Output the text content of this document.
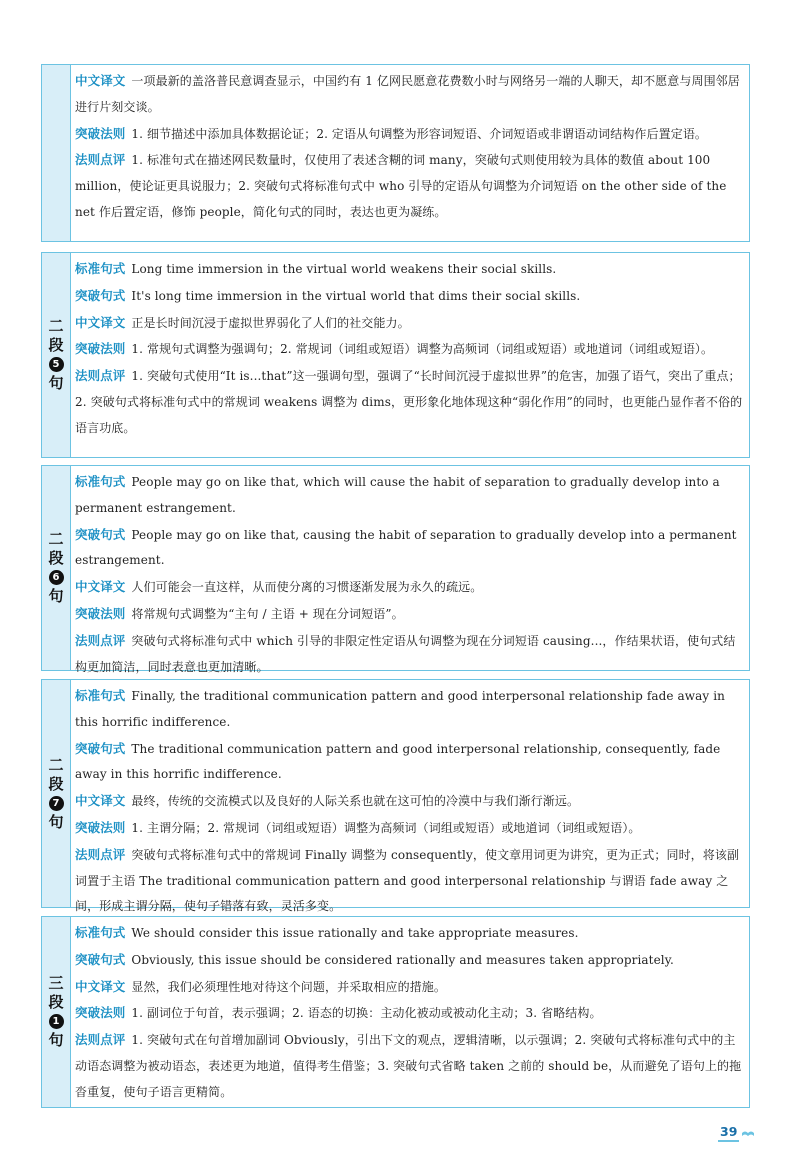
中文译文 一项最新的盖洛普民意调查显示，中国约有 1 亿网民愿意花费数小时与网络另一端的人聊天，却不愿意与周围邻居进行片刻交谈。

突破法则 1. 细节描述中添加具体数据论证；2. 定语从句调整为形容词短语、介词短语或非谓语动词结构作后置定语。

法则点评 1. 标准句式在描述网民数量时，仅使用了表述含糊的词 many，突破句式则使用较为具体的数值 about 100 million，使论证更具说服力；2. 突破句式将标准句式中 who 引导的定语从句调整为介词短语 on the other side of the net 作后置定语，修饰 people，简化句式的同时，表达也更为凝练。

二
段
5
句

标准句式 Long time immersion in the virtual world weakens their social skills.

突破句式 It's long time immersion in the virtual world that dims their social skills.

中文译文 正是长时间沉浸于虚拟世界弱化了人们的社交能力。

突破法则 1. 常规句式调整为强调句；2. 常规词（词组或短语）调整为高频词（词组或短语）或地道词（词组或短语）。

法则点评 1. 突破句式使用“It is...that”这一强调句型，强调了“长时间沉浸于虚拟世界”的危害，加强了语气，突出了重点；2. 突破句式将标准句式中的常规词 weakens 调整为 dims，更形象化地体现这种“弱化作用”的同时，也更能凸显作者不俗的语言功底。

二
段
6
句

标准句式 People may go on like that, which will cause the habit of separation to gradually develop into a permanent estrangement.

突破句式 People may go on like that, causing the habit of separation to gradually develop into a permanent estrangement.

中文译文 人们可能会一直这样，从而使分离的习惯逐渐发展为永久的疏远。

突破法则 将常规句式调整为“主句 / 主语 + 现在分词短语”。

法则点评 突破句式将标准句式中 which 引导的非限定性定语从句调整为现在分词短语 causing...，作结果状语，使句式结构更加简洁，同时表意也更加清晰。

二
段
7
句

标准句式 Finally, the traditional communication pattern and good interpersonal relationship fade away in this horrific indifference.

突破句式 The traditional communication pattern and good interpersonal relationship, consequently, fade away in this horrific indifference.

中文译文 最终，传统的交流模式以及良好的人际关系也就在这可怕的冷漠中与我们渐行渐远。

突破法则 1. 主谓分隔；2. 常规词（词组或短语）调整为高频词（词组或短语）或地道词（词组或短语）。

法则点评 突破句式将标准句式中的常规词 Finally 调整为 consequently，使文章用词更为讲究，更为正式；同时，将该副词置于主语 The traditional communication pattern and good interpersonal relationship 与谓语 fade away 之间，形成主谓分隔，使句子错落有致，灵活多变。

三
段
1
句

标准句式 We should consider this issue rationally and take appropriate measures.

突破句式 Obviously, this issue should be considered rationally and measures taken appropriately.

中文译文 显然，我们必须理性地对待这个问题，并采取相应的措施。

突破法则 1. 副词位于句首，表示强调；2. 语态的切换：主动化被动或被动化主动；3. 省略结构。

法则点评 1. 突破句式在句首增加副词 Obviously，引出下文的观点，逻辑清晰，以示强调；2. 突破句式将标准句式中的主动语态调整为被动语态，表述更为地道，值得考生借鉴；3. 突破句式省略 taken 之前的 should be，从而避免了语句上的拖沓重复，使句子语言更精简。

39
